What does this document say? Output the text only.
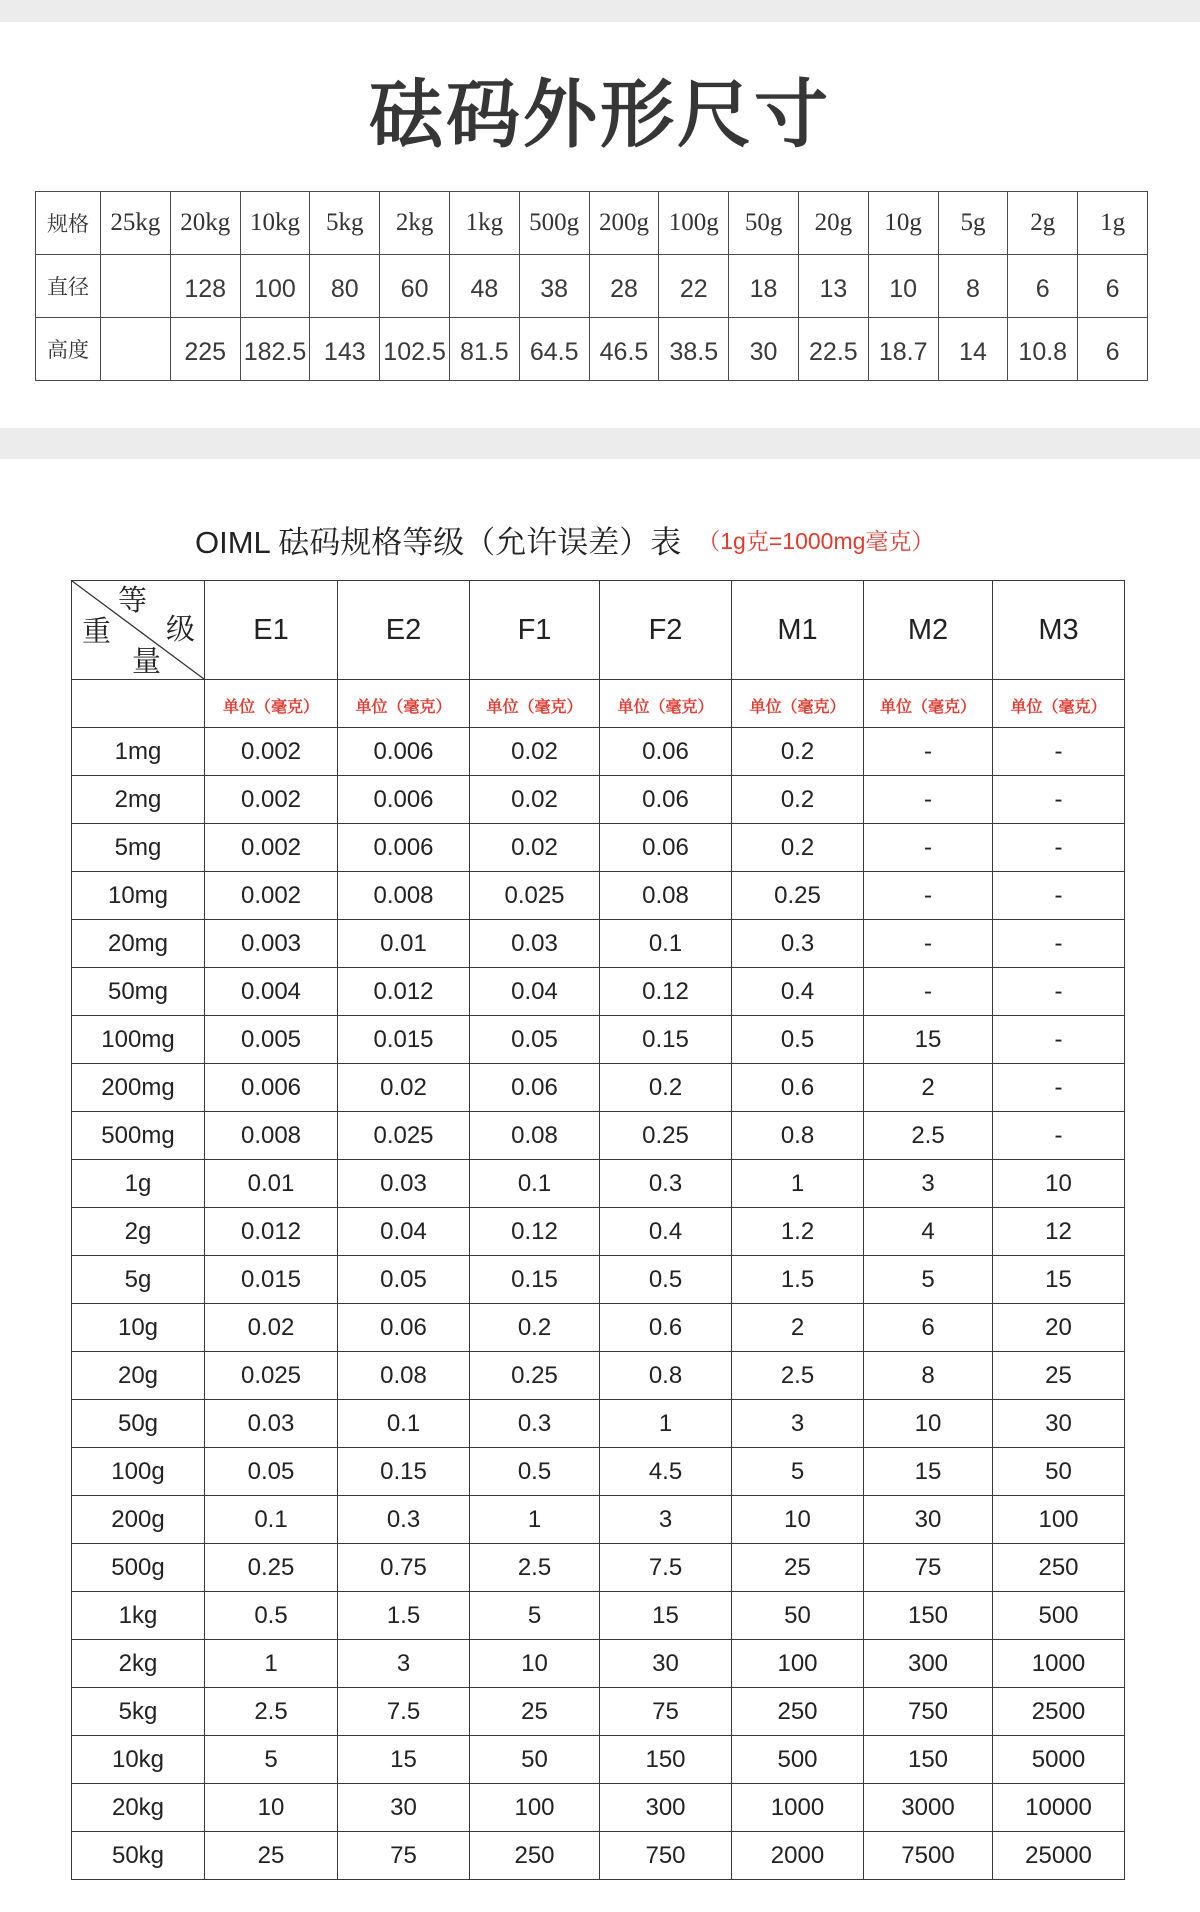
砝码外形尺寸
规格	25kg	20kg	10kg	5kg	2kg	1kg	500g	200g	100g	50g	20g	10g	5g	2g	1g
直径		128	100	80	60	48	38	28	22	18	13	10	8	6	6
高度		225	182.5	143	102.5	81.5	64.5	46.5	38.5	30	22.5	18.7	14	10.8	6
OIML 砝码规格等级（允许误差）表 （1g克=1000mg毫克）
等
级
重
量	E1	E2	F1	F2	M1	M2	M3
	单位（毫克）	单位（毫克）	单位（毫克）	单位（毫克）	单位（毫克）	单位（毫克）	单位（毫克）
1mg	0.002	0.006	0.02	0.06	0.2	-	-
2mg	0.002	0.006	0.02	0.06	0.2	-	-
5mg	0.002	0.006	0.02	0.06	0.2	-	-
10mg	0.002	0.008	0.025	0.08	0.25	-	-
20mg	0.003	0.01	0.03	0.1	0.3	-	-
50mg	0.004	0.012	0.04	0.12	0.4	-	-
100mg	0.005	0.015	0.05	0.15	0.5	15	-
200mg	0.006	0.02	0.06	0.2	0.6	2	-
500mg	0.008	0.025	0.08	0.25	0.8	2.5	-
1g	0.01	0.03	0.1	0.3	1	3	10
2g	0.012	0.04	0.12	0.4	1.2	4	12
5g	0.015	0.05	0.15	0.5	1.5	5	15
10g	0.02	0.06	0.2	0.6	2	6	20
20g	0.025	0.08	0.25	0.8	2.5	8	25
50g	0.03	0.1	0.3	1	3	10	30
100g	0.05	0.15	0.5	4.5	5	15	50
200g	0.1	0.3	1	3	10	30	100
500g	0.25	0.75	2.5	7.5	25	75	250
1kg	0.5	1.5	5	15	50	150	500
2kg	1	3	10	30	100	300	1000
5kg	2.5	7.5	25	75	250	750	2500
10kg	5	15	50	150	500	150	5000
20kg	10	30	100	300	1000	3000	10000
50kg	25	75	250	750	2000	7500	25000
